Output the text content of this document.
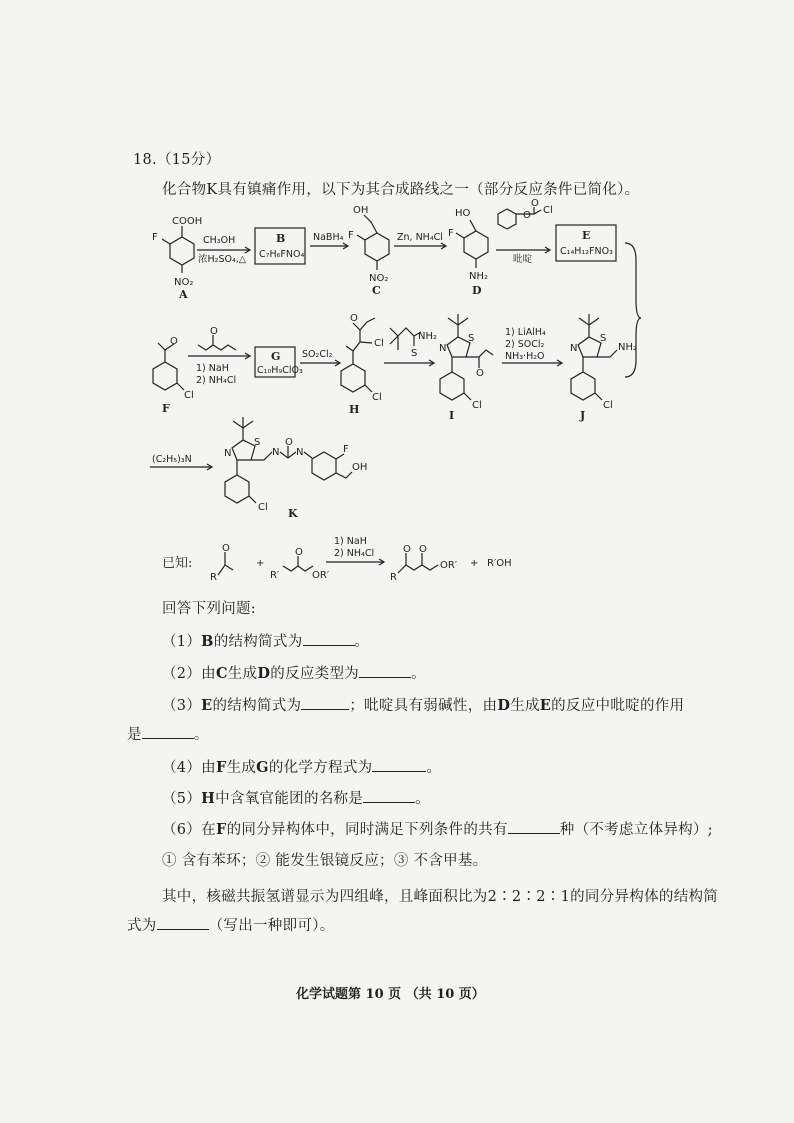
18.（15分）
化合物K具有镇痛作用，以下为其合成路线之一（部分反应条件已简化）。
COOH
F
NO₂
A
CH₃OH
浓H₂SO₄,△
B
C₇H₆FNO₄
NaBH₄
OH
F
NO₂
C
Zn, NH₄Cl
HO
F
NH₂
D
O Cl
O
吡啶
E
C₁₄H₁₂FNO₃
O
Cl
F
O
1) NaH
2) NH₄Cl
G
C₁₀H₉ClO₃
SO₂Cl₂
O
Cl
Cl
H
S
NH₂	S
N
O
Cl
I
1) LiAlH₄
2) SOCl₂
NH₃·H₂O
S
N	NH₂
Cl
J
(C₂H₅)₃N
S
N	N
O
N	F
OH
Cl K
已知:
O
R
+
R′
O
OR′
1) NaH
2) NH₄Cl
R
O O
OR′ + R′OH
回答下列问题:
（1）B的结构简式为	。
（2）由C生成D的反应类型为	。
（3）E的结构简式为	；吡啶具有弱碱性，由D生成E的反应中吡啶的作用
是	。
（4）由F生成G的化学方程式为	。
（5）H中含氧官能团的名称是	。
（6）在F的同分异构体中，同时满足下列条件的共有	种（不考虑立体异构）;
① 含有苯环；② 能发生银镜反应；③ 不含甲基。
其中，核磁共振氢谱显示为四组峰，且峰面积比为2∶2∶2∶1的同分异构体的结构简
式为	（写出一种即可）。
化学试题第 10 页 （共 10 页）
